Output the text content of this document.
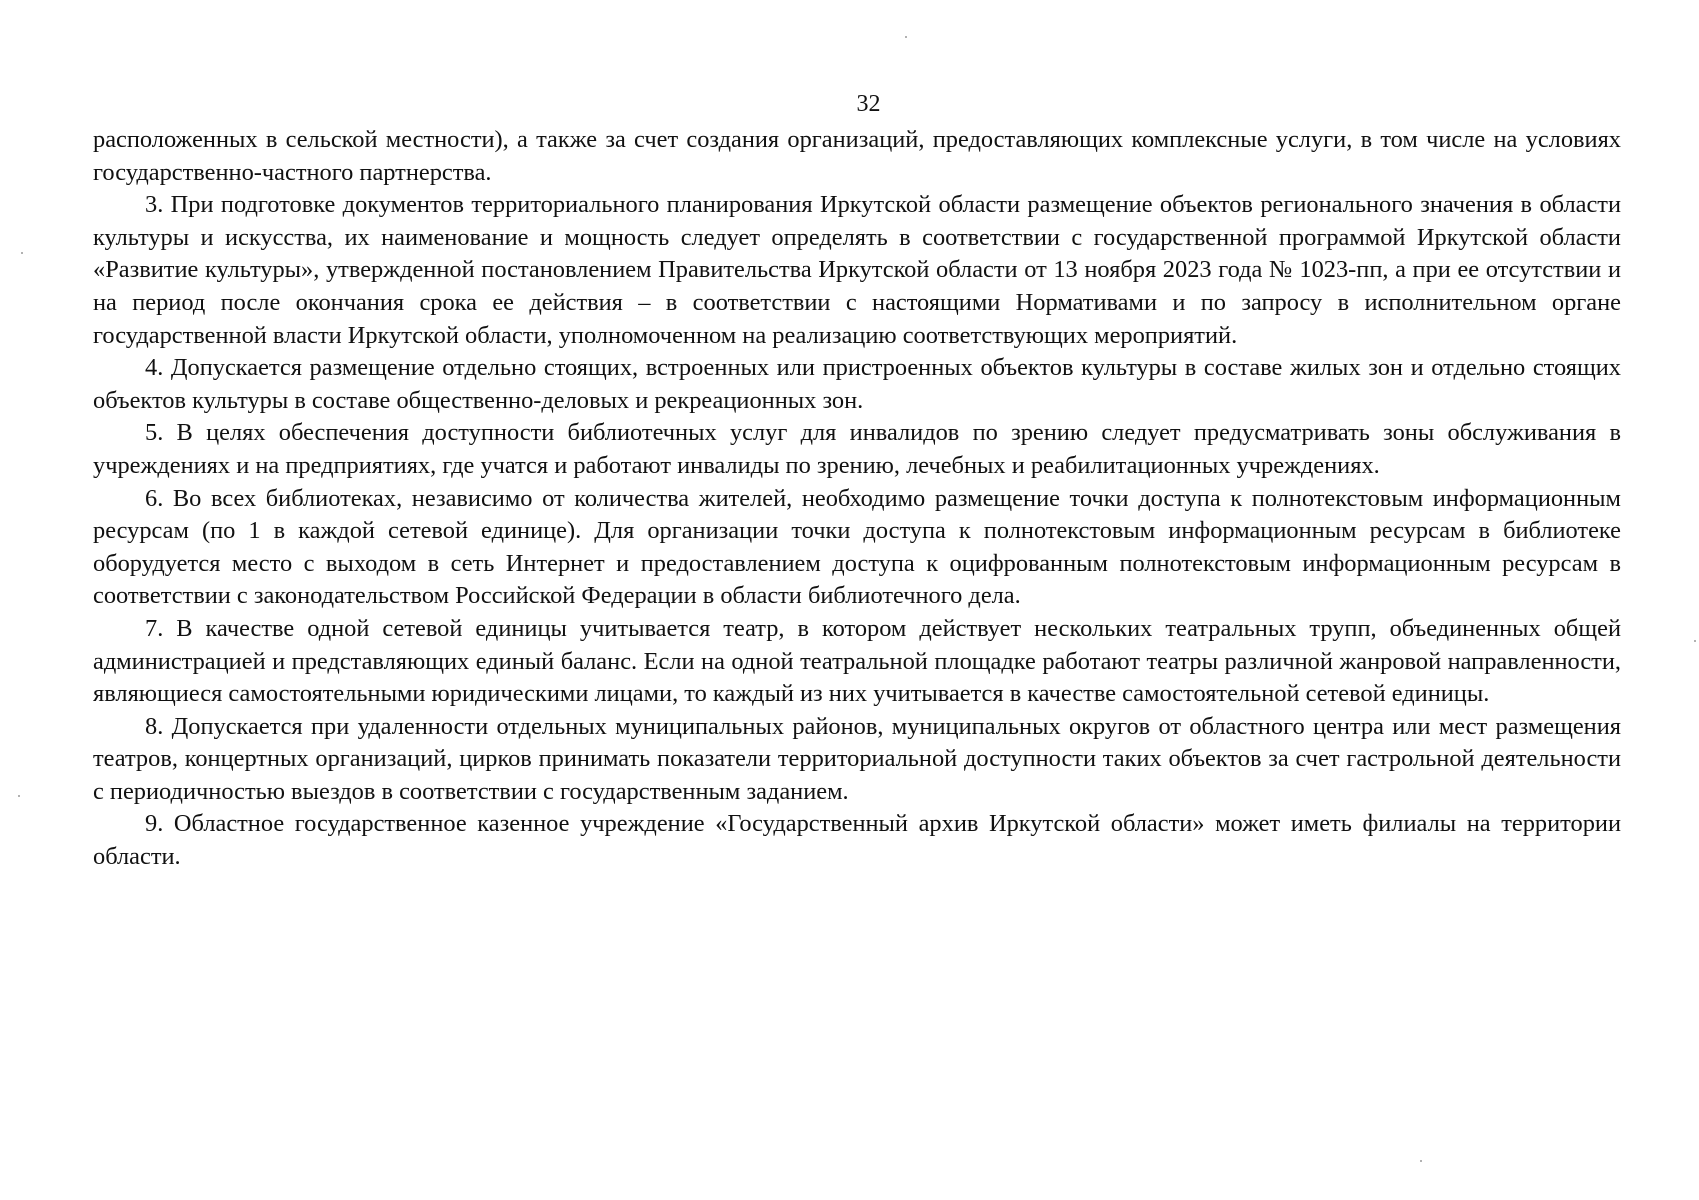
32

расположенных в сельской местности), а также за счет создания организаций, предоставляющих комплексные услуги, в том числе на условиях государственно-частного партнерства.

3. При подготовке документов территориального планирования Иркутской области размещение объектов регионального значения в области культуры и искусства, их наименование и мощность следует определять в соответствии с государственной программой Иркутской области «Развитие культуры», утвержденной постановлением Правительства Иркутской области от 13 ноября 2023 года № 1023-пп, а при ее отсутствии и на период после окончания срока ее действия – в соответствии с настоящими Нормативами и по запросу в исполнительном органе государственной власти Иркутской области, уполномоченном на реализацию соответствующих мероприятий.

4. Допускается размещение отдельно стоящих, встроенных или пристроенных объектов культуры в составе жилых зон и отдельно стоящих объектов культуры в составе общественно-деловых и рекреационных зон.

5. В целях обеспечения доступности библиотечных услуг для инвалидов по зрению следует предусматривать зоны обслуживания в учреждениях и на предприятиях, где учатся и работают инвалиды по зрению, лечебных и реабилитационных учреждениях.

6. Во всех библиотеках, независимо от количества жителей, необходимо размещение точки доступа к полнотекстовым информационным ресурсам (по 1 в каждой сетевой единице). Для организации точки доступа к полнотекстовым информационным ресурсам в библиотеке оборудуется место с выходом в сеть Интернет и предоставлением доступа к оцифрованным полнотекстовым информационным ресурсам в соответствии с законодательством Российской Федерации в области библиотечного дела.

7. В качестве одной сетевой единицы учитывается театр, в котором действует нескольких театральных трупп, объединенных общей администрацией и представляющих единый баланс. Если на одной театральной площадке работают театры различной жанровой направленности, являющиеся самостоятельными юридическими лицами, то каждый из них учитывается в качестве самостоятельной сетевой единицы.

8. Допускается при удаленности отдельных муниципальных районов, муниципальных округов от областного центра или мест размещения театров, концертных организаций, цирков принимать показатели территориальной доступности таких объектов за счет гастрольной деятельности с периодичностью выездов в соответствии с государственным заданием.

9. Областное государственное казенное учреждение «Государственный архив Иркутской области» может иметь филиалы на территории области.
